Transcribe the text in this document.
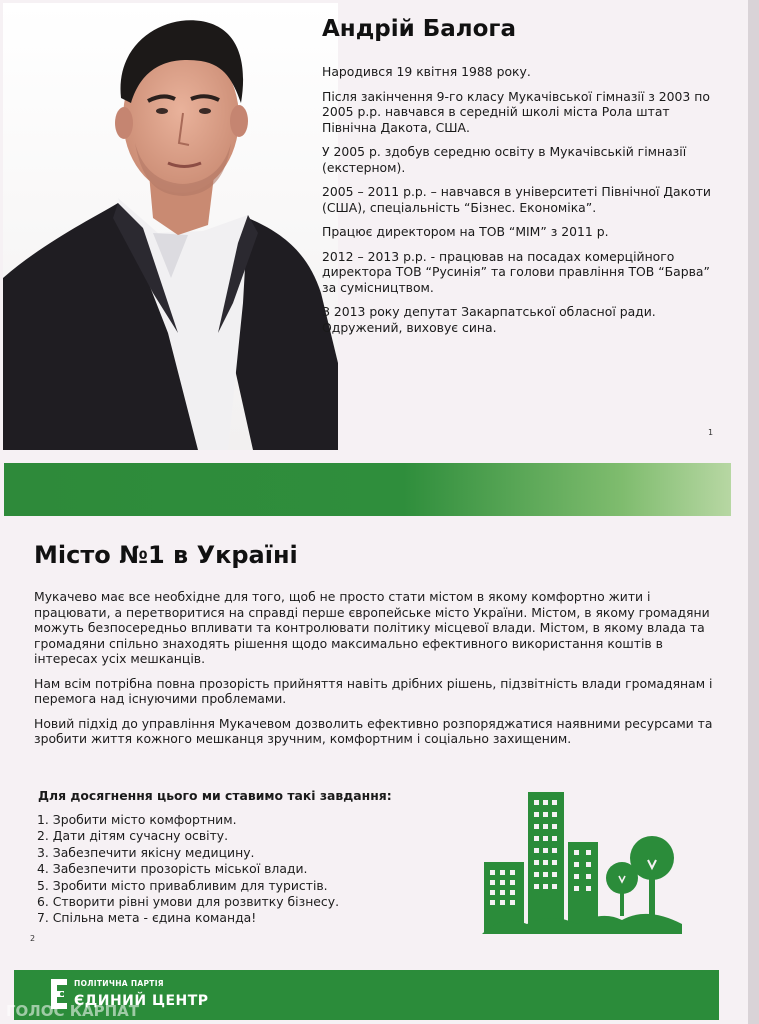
Андрій Балога

Народився 19 квітня 1988 року.

Після закінчення 9-го класу Мукачівської гімназії з 2003 по 2005 р.р. навчався в середній школі міста Рола штат Північна Дакота, США.

У 2005 р. здобув середню освіту в Мукачівській гімназії (екстерном).

2005 – 2011 р.р. – навчався в університеті Північної Дакоти (США), спеціальність “Бізнес. Економіка”.

Працює директором на ТОВ “МІМ” з 2011 р.

2012 – 2013 р.р. - працював на посадах комерційного директора ТОВ “Русинія” та голови правління ТОВ “Барва” за сумісництвом.

З 2013 року депутат Закарпатської обласної ради. Одружений, виховує сина.

1
Місто №1 в Україні

Мукачево має все необхідне для того, щоб не просто стати містом в якому комфортно жити і працювати, а перетворитися на справді перше європейське місто України. Містом, в якому громадяни можуть безпосередньо впливати та контролювати політику місцевої влади. Містом, в якому влада та громадяни спільно знаходять рішення щодо максимально ефективного використання коштів в інтересах усіх мешканців.

Нам всім потрібна повна прозорість прийняття навіть дрібних рішень, підзвітність влади громадянам і перемога над існуючими проблемами.

Новий підхід до управління Мукачевом дозволить ефективно розпоряджатися наявними ресурсами та зробити життя кожного мешканця зручним, комфортним і соціально захищеним.

Для досягнення цього ми ставимо такі завдання:
1. Зробити місто комфортним.
2. Дати дітям сучасну освіту.
3. Забезпечити якісну медицину.
4. Забезпечити прозорість міської влади.
5. Зробити місто привабливим для туристів.
6. Створити рівні умови для розвитку бізнесу.
7. Спільна мета - єдина команда!
2
ПОЛІТИЧНА ПАРТІЯ
ЄДИНИЙ ЦЕНТР
ГОЛОС КАРПАТ
